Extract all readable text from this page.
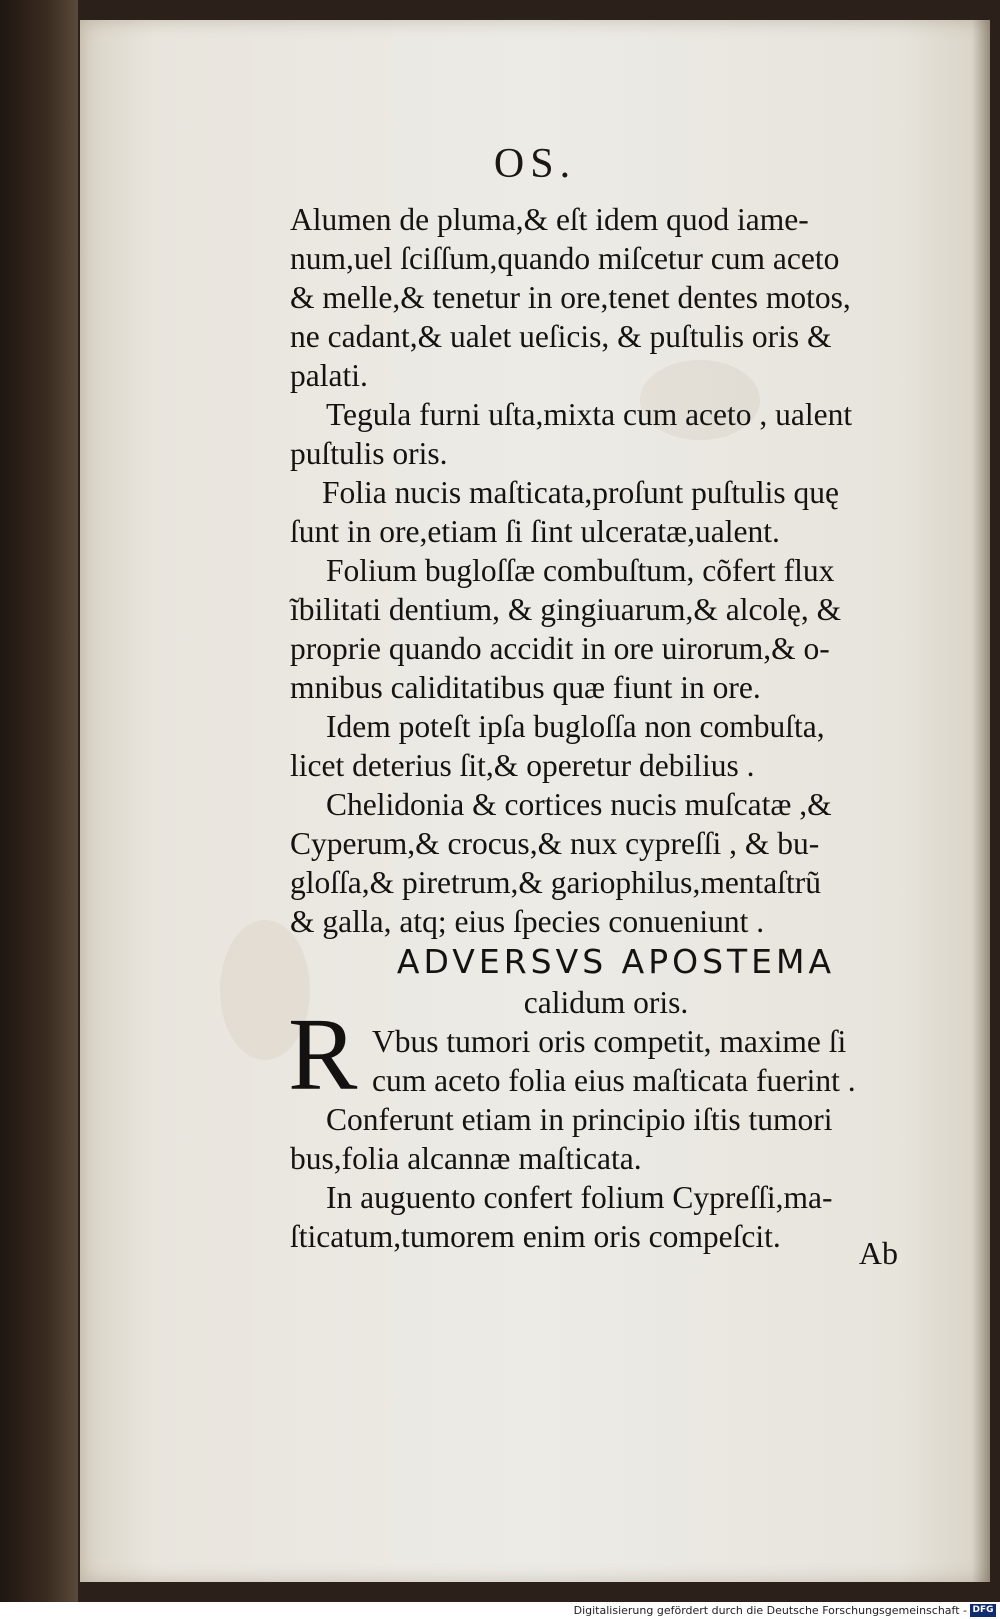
OS.
Alumen de pluma,& eſt idem quod iame-
num,uel ſciſſum,quando miſcetur cum aceto
& melle,& tenetur in ore,tenet dentes motos,
ne cadant,& ualet ueſicis, & puſtulis oris &
palati.
Tegula furni uſta,mixta cum aceto , ualent
puſtulis oris.
Folia nucis maſticata,proſunt puſtulis quę
ſunt in ore,etiam ſi ſint ulceratæ,ualent.
Folium bugloſſæ combuſtum, cõfert flux
ĩbilitati dentium, & gingiuarum,& alcolę, &
proprie quando accidit in ore uirorum,& o-
mnibus caliditatibus quæ fiunt in ore.
Idem poteſt ipſa bugloſſa non combuſta,
licet deterius ſit,& operetur debilius .
Chelidonia & cortices nucis muſcatæ ,&
Cyperum,& crocus,& nux cypreſſi , & bu-
gloſſa,& piretrum,& gariophilus,mentaſtrũ
& galla, atq; eius ſpecies conueniunt .
ADVERSVS APOSTEMA
calidum oris.
Vbus tumori oris competit, maxime ſi
cum aceto folia eius maſticata fuerint .
Conferunt etiam in principio iſtis tumori
bus,folia alcannæ maſticata.
In auguento confert folium Cypreſſi,ma-
ſticatum,tumorem enim oris compeſcit.
R
Ab
Digitalisierung gefördert durch die Deutsche Forschungsgemeinschaft - DFG
